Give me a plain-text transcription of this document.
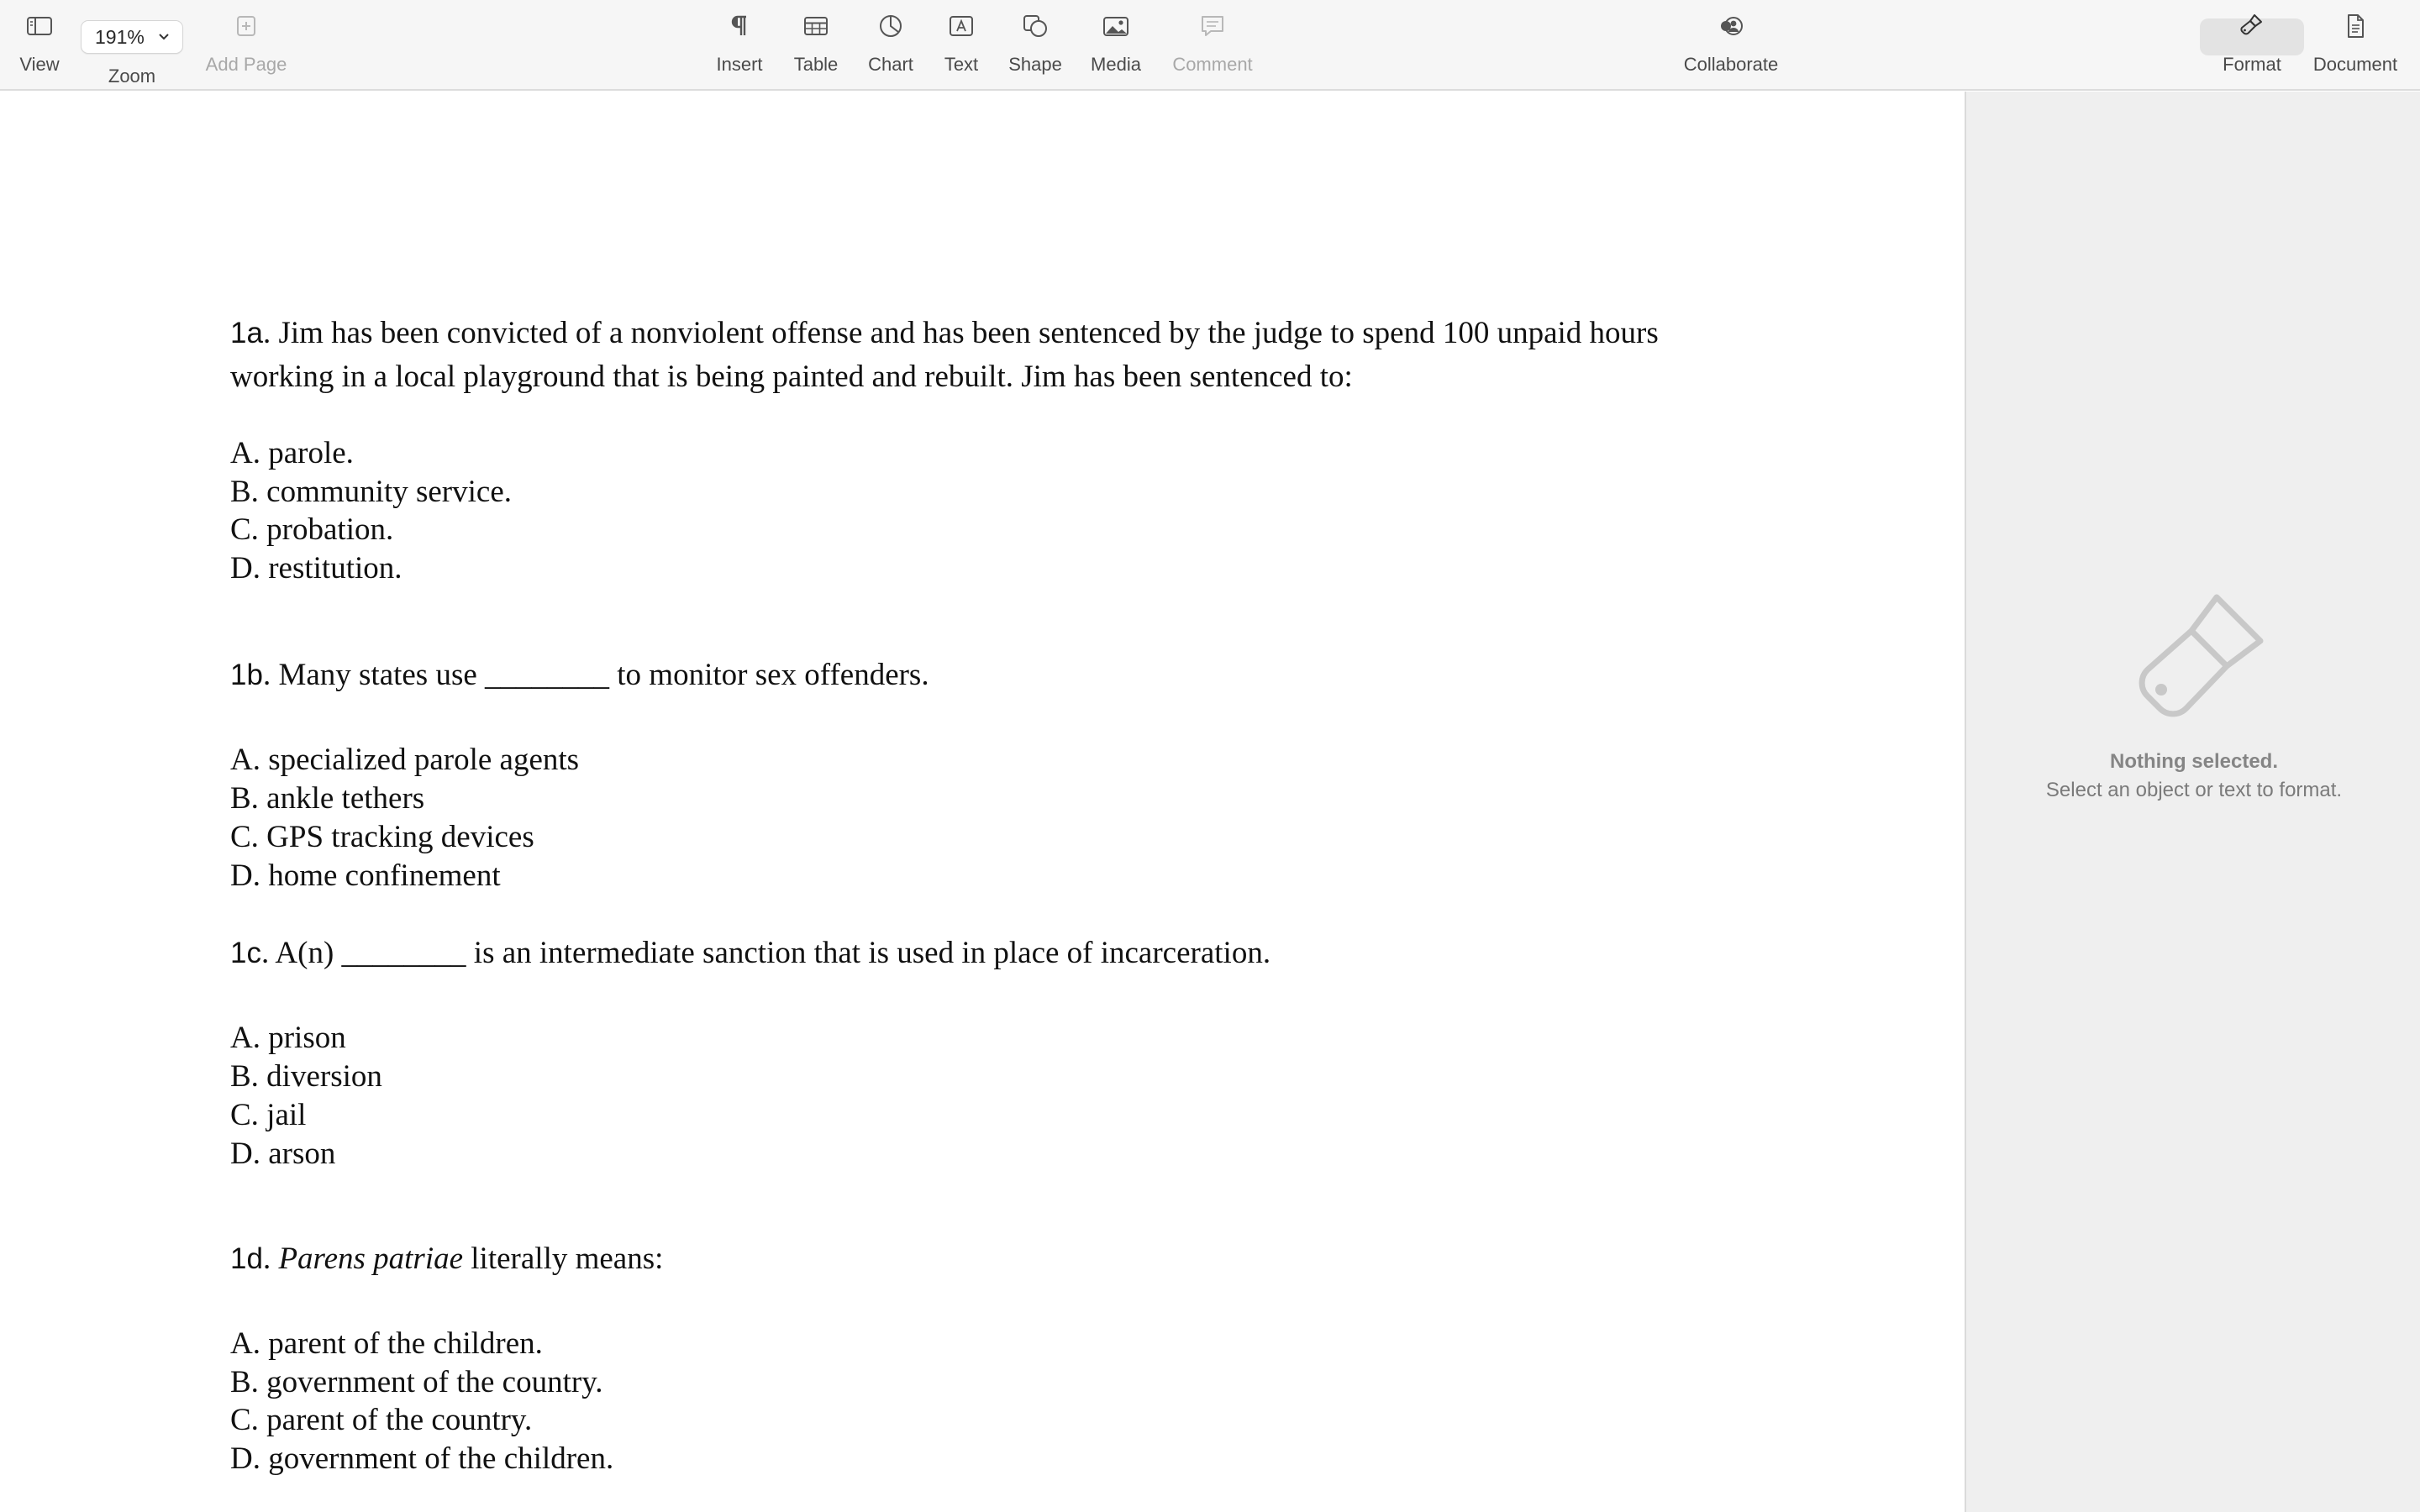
View
191%
Zoom
Add Page	Insert Table Chart Text Shape Media Comment	Collaborate	Format Document
1a. Jim has been convicted of a nonviolent offense and has been sentenced by the judge to spend 100 unpaid hours
working in a local playground that is being painted and rebuilt. Jim has been sentenced to:
A. parole.
B. community service.
C. probation.
D. restitution.
1b. Many states use ________ to monitor sex offenders.
A. specialized parole agents
B. ankle tethers
C. GPS tracking devices
D. home confinement
1c. A(n) ________ is an intermediate sanction that is used in place of incarceration.
A. prison
B. diversion
C. jail
D. arson
1d. Parens patriae literally means:
A. parent of the children.
B. government of the country.
C. parent of the country.
D. government of the children.
Nothing selected.
Select an object or text to format.
